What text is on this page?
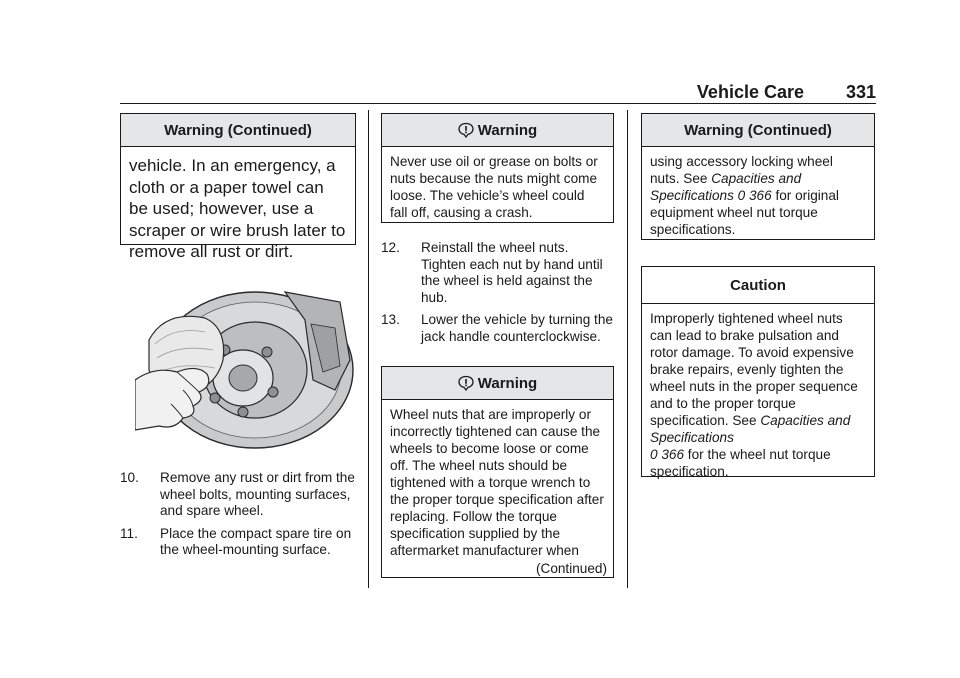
Vehicle Care 331
Warning (Continued)
vehicle. In an emergency, a cloth or a paper towel can be used; however, use a scraper or wire brush later to remove all rust or dirt.
10. Remove any rust or dirt from the wheel bolts, mounting surfaces, and spare wheel.
11. Place the compact spare tire on the wheel-mounting surface.
Warning
Never use oil or grease on bolts or nuts because the nuts might come loose. The vehicle’s wheel could fall off, causing a crash.
12. Reinstall the wheel nuts. Tighten each nut by hand until the wheel is held against the hub.
13. Lower the vehicle by turning the jack handle counterclockwise.
Warning
Wheel nuts that are improperly or incorrectly tightened can cause the wheels to become loose or come off. The wheel nuts should be tightened with a torque wrench to the proper torque specification after replacing. Follow the torque specification supplied by the aftermarket manufacturer when
(Continued)
Warning (Continued)
using accessory locking wheel nuts. See Capacities and Specifications 0 366 for original equipment wheel nut torque specifications.
Caution
Improperly tightened wheel nuts can lead to brake pulsation and rotor damage. To avoid expensive brake repairs, evenly tighten the wheel nuts in the proper sequence and to the proper torque specification. See Capacities and Specifications
0 366 for the wheel nut torque specification.
